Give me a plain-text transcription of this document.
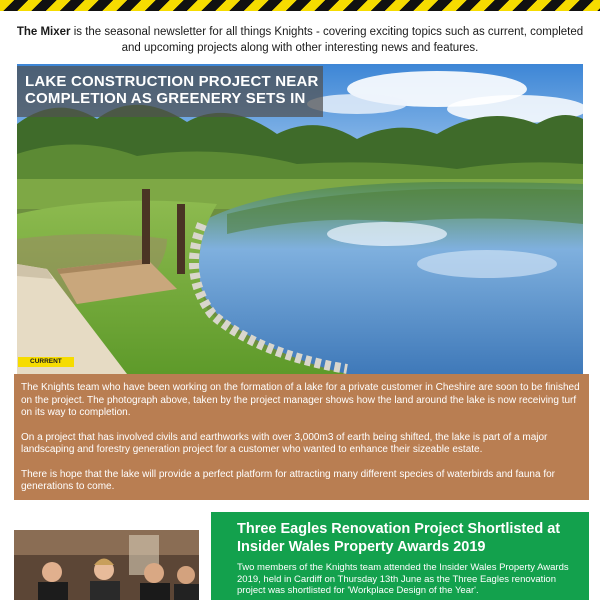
The Mixer is the seasonal newsletter for all things Knights - covering exciting topics such as current, completed and upcoming projects along with other interesting news and features.
LAKE CONSTRUCTION PROJECT NEAR
COMPLETION AS GREENERY SETS IN
CURRENT

The Knights team who have been working on the formation of a lake for a private customer in Cheshire are soon to be finished on the project. The photograph above, taken by the project manager shows how the land around the lake is now receiving turf on its way to completion.

On a project that has involved civils and earthworks with over 3,000m3 of earth being shifted, the lake is part of a major landscaping and forestry generation project for a customer who wanted to enhance their sizeable estate.

There is hope that the lake will provide a perfect platform for attracting many different species of waterbirds and fauna for generations to come.

Three Eagles Renovation Project Shortlisted at Insider Wales Property Awards 2019

Two members of the Knights team attended the Insider Wales Property Awards 2019, held in Cardiff on Thursday 13th June as the Three Eagles renovation project was shortlisted for 'Workplace Design of the Year'.
